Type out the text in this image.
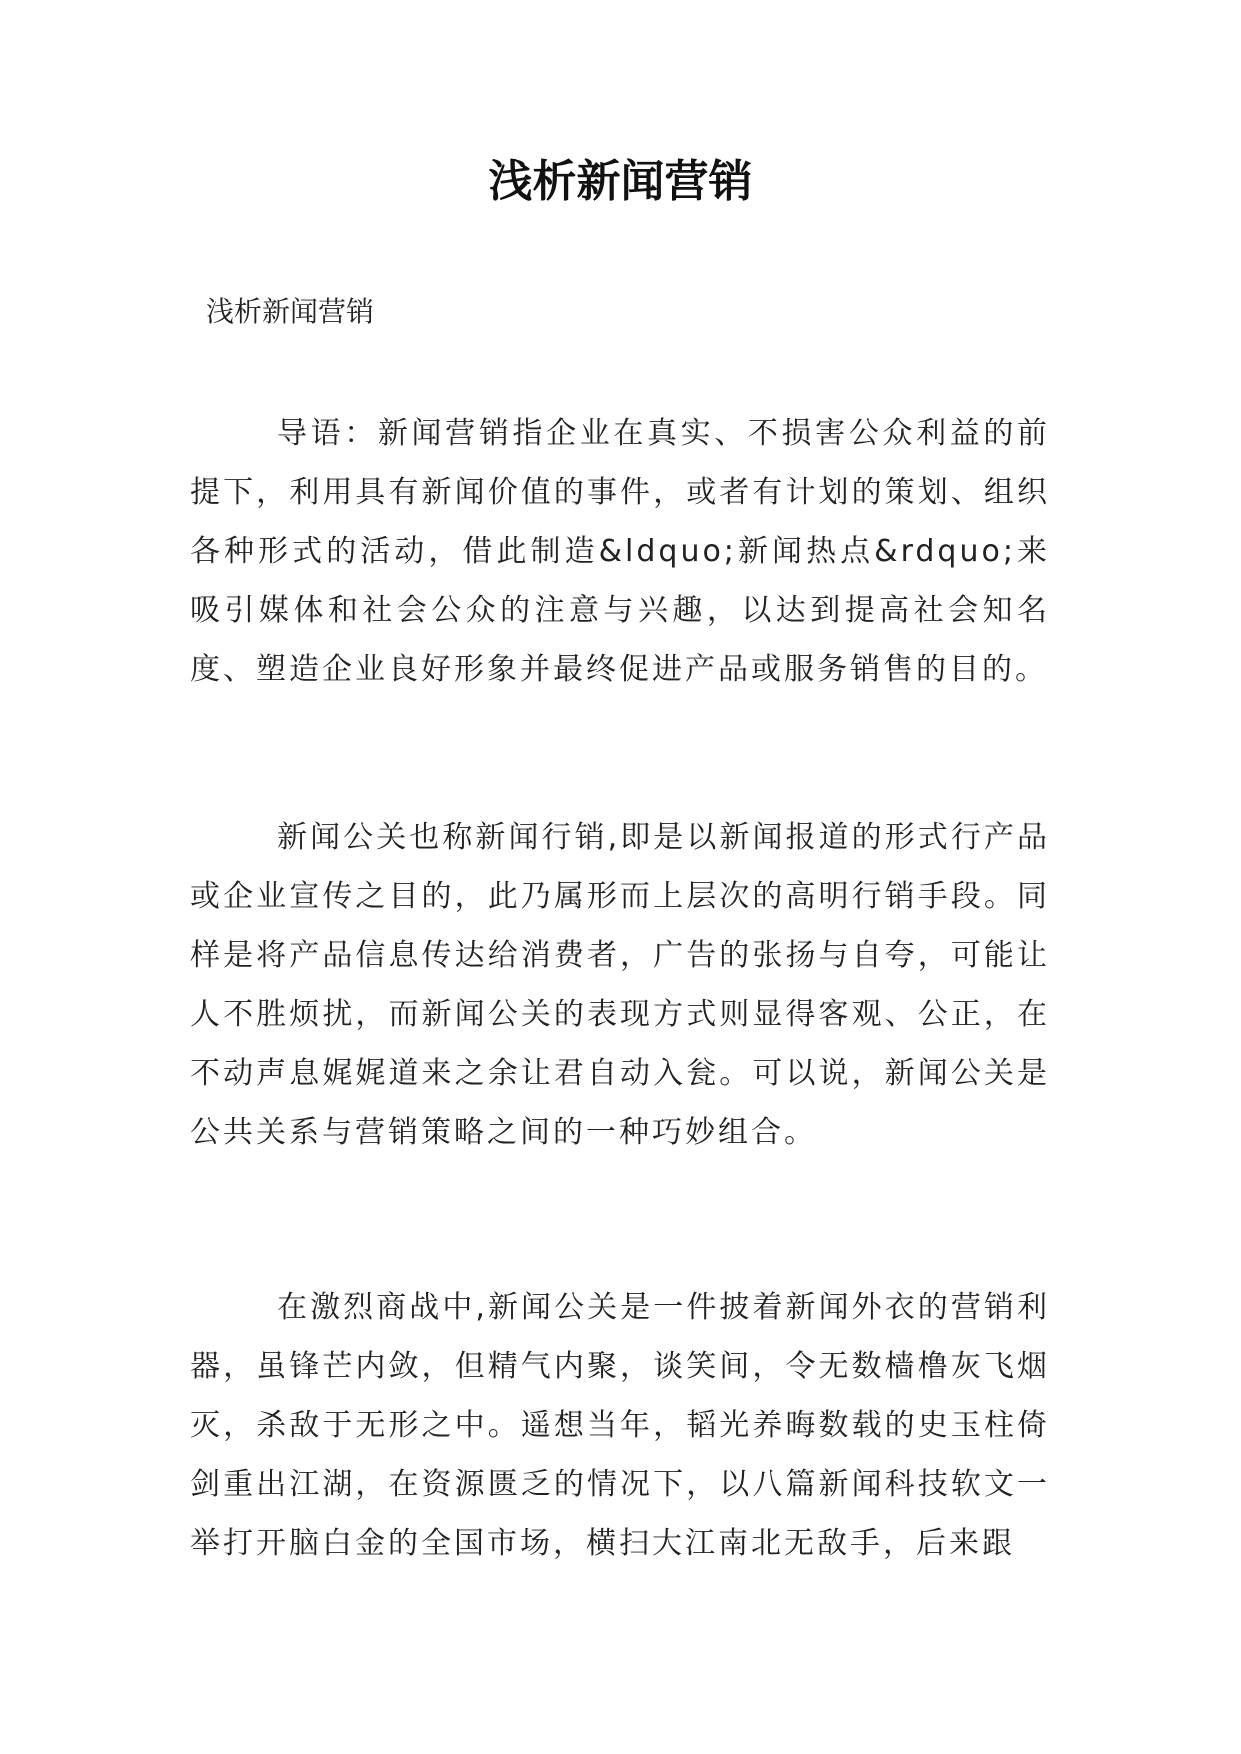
浅析新闻营销

浅析新闻营销

导语：新闻营销指企业在真实、不损害公众利益的前提下，利用具有新闻价值的事件，或者有计划的策划、组织各种形式的活动，借此制造&ldquo;新闻热点&rdquo;来吸引媒体和社会公众的注意与兴趣，以达到提高社会知名度、塑造企业良好形象并最终促进产品或服务销售的目的。

新闻公关也称新闻行销,即是以新闻报道的形式行产品或企业宣传之目的，此乃属形而上层次的高明行销手段。同样是将产品信息传达给消费者，广告的张扬与自夸，可能让人不胜烦扰，而新闻公关的表现方式则显得客观、公正，在不动声息娓娓道来之余让君自动入瓮。可以说，新闻公关是公共关系与营销策略之间的一种巧妙组合。

在激烈商战中,新闻公关是一件披着新闻外衣的营销利器，虽锋芒内敛，但精气内聚，谈笑间，令无数樯橹灰飞烟灭，杀敌于无形之中。遥想当年，韬光养晦数载的史玉柱倚剑重出江湖，在资源匮乏的情况下，以八篇新闻科技软文一举打开脑白金的全国市场，横扫大江南北无敌手，后来跟
